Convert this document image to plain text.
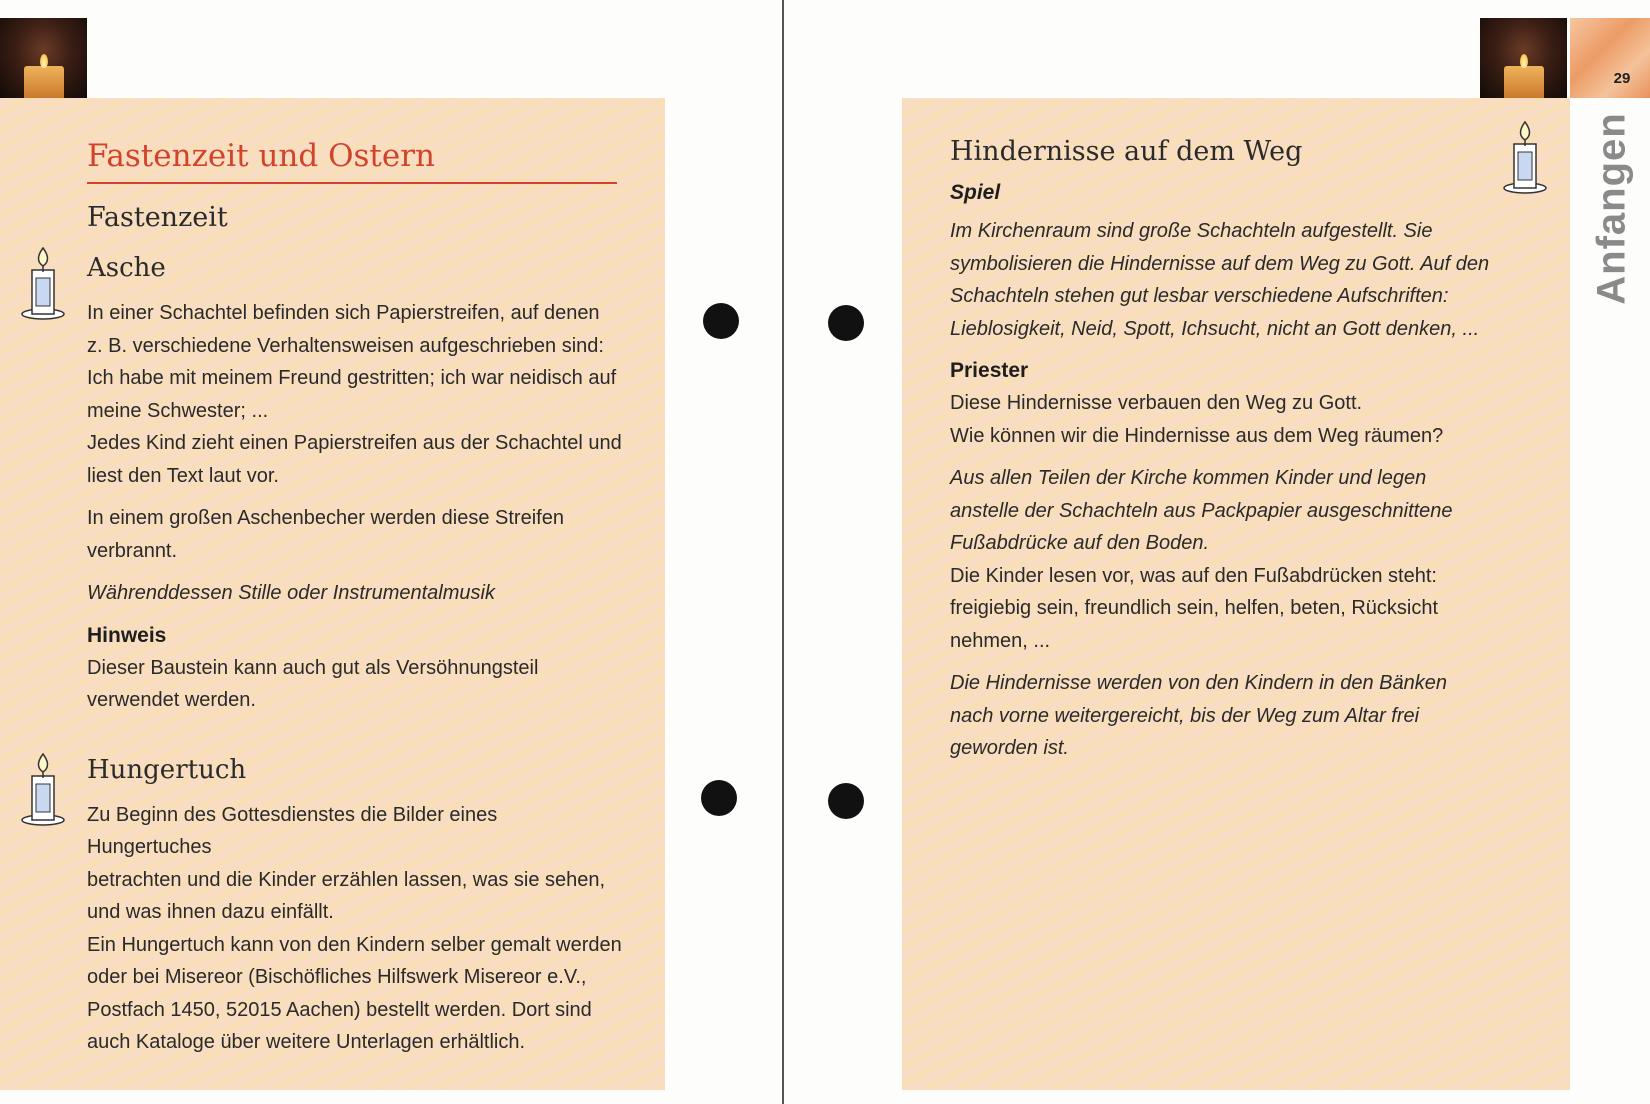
Fastenzeit und Ostern
Fastenzeit
Asche

In einer Schachtel befinden sich Papierstreifen, auf denen
z. B. verschiedene Verhaltensweisen aufgeschrieben sind:
Ich habe mit meinem Freund gestritten; ich war neidisch auf
meine Schwester; ...
Jedes Kind zieht einen Papierstreifen aus der Schachtel und
liest den Text laut vor.

In einem großen Aschenbecher werden diese Streifen
verbrannt.

Währenddessen Stille oder Instrumentalmusik

Hinweis

Dieser Baustein kann auch gut als Versöhnungsteil
verwendet werden.

Hungertuch

Zu Beginn des Gottesdienstes die Bilder eines Hungertuches
betrachten und die Kinder erzählen lassen, was sie sehen,
und was ihnen dazu einfällt.
Ein Hungertuch kann von den Kindern selber gemalt werden
oder bei Misereor (Bischöfliches Hilfswerk Misereor e.V.,
Postfach 1450, 52015 Aachen) bestellt werden. Dort sind
auch Kataloge über weitere Unterlagen erhältlich.

29
Anfangen
Hindernisse auf dem Weg

Spiel

Im Kirchenraum sind große Schachteln aufgestellt. Sie
symbolisieren die Hindernisse auf dem Weg zu Gott. Auf den
Schachteln stehen gut lesbar verschiedene Aufschriften:
Lieblosigkeit, Neid, Spott, Ichsucht, nicht an Gott denken, ...

Priester

Diese Hindernisse verbauen den Weg zu Gott.
Wie können wir die Hindernisse aus dem Weg räumen?

Aus allen Teilen der Kirche kommen Kinder und legen
anstelle der Schachteln aus Packpapier ausgeschnittene
Fußabdrücke auf den Boden.

Die Kinder lesen vor, was auf den Fußabdrücken steht:
freigiebig sein, freundlich sein, helfen, beten, Rücksicht
nehmen, ...

Die Hindernisse werden von den Kindern in den Bänken
nach vorne weitergereicht, bis der Weg zum Altar frei
geworden ist.
